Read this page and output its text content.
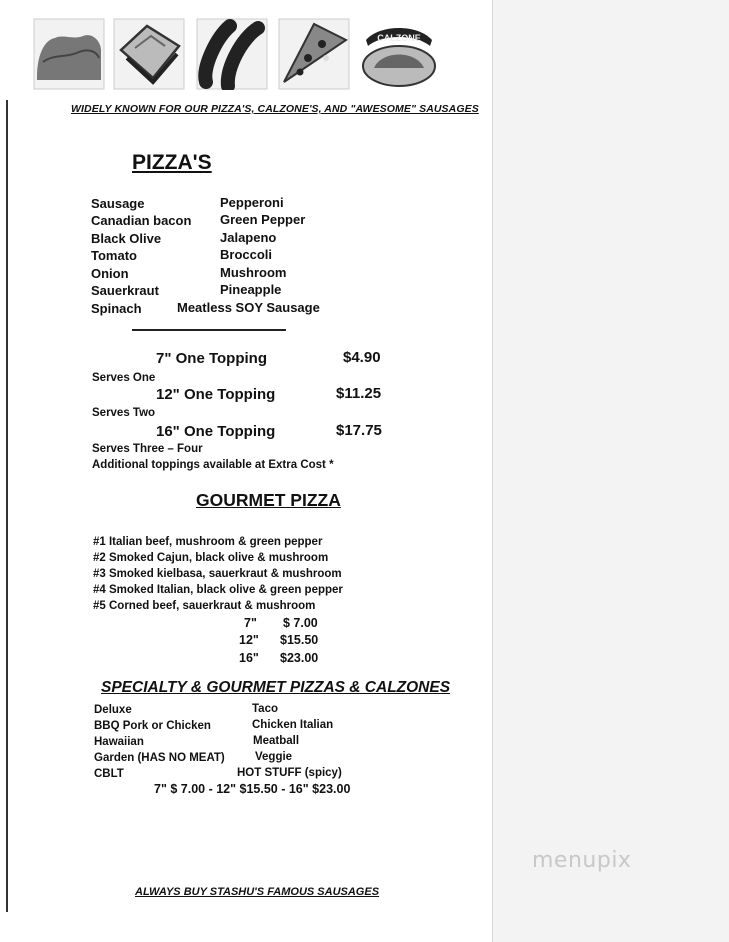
CALZONE
WIDELY KNOWN FOR OUR PIZZA'S, CALZONE'S, AND "AWESOME" SAUSAGES
PIZZA'S
Sausage
Canadian bacon
Black Olive
Tomato
Onion
Sauerkraut
Spinach
Pepperoni
Green Pepper
Jalapeno
Broccoli
Mushroom
Pineapple
Meatless SOY Sausage
7" One Topping	$4.90
Serves One
12" One Topping	$11.25
Serves Two
16" One Topping	$17.75
Serves Three – Four
Additional toppings available at Extra Cost *
GOURMET PIZZA
#1 Italian beef, mushroom & green pepper
#2 Smoked Cajun, black olive & mushroom
#3 Smoked kielbasa, sauerkraut & mushroom
#4 Smoked Italian, black olive & green pepper
#5 Corned beef, sauerkraut & mushroom
7" $ 7.00
12" $15.50
16" $23.00
SPECIALTY & GOURMET PIZZAS & CALZONES
Deluxe
BBQ Pork or Chicken
Hawaiian
Garden (HAS NO MEAT)
CBLT
Taco
Chicken Italian
Meatball
Veggie
HOT STUFF (spicy)
7" $ 7.00 - 12" $15.50 - 16" $23.00
ALWAYS BUY STASHU'S FAMOUS SAUSAGES
menupix
